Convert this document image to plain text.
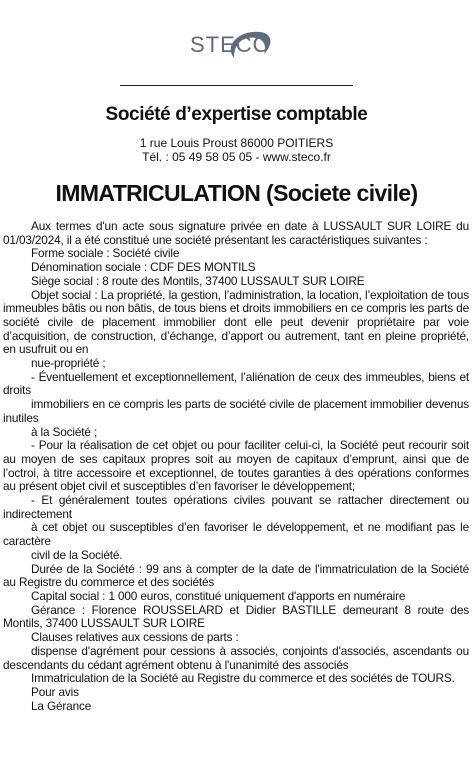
STECO
Société d’expertise comptable
1 rue Louis Proust 86000 POITIERS
Tél. : 05 49 58 05 05 - www.steco.fr
IMMATRICULATION (Societe civile)

Aux termes d'un acte sous signature privée en date à LUSSAULT SUR LOIRE du 01/03/2024, il a été constitué une société présentant les caractéristiques suivantes :

Forme sociale : Société civile

Dénomination sociale : CDF DES MONTILS

Siège social : 8 route des Montils, 37400 LUSSAULT SUR LOIRE

Objet social : La propriété, la gestion, l’administration, la location, l’exploitation de tous immeubles bâtis ou non bâtis, de tous biens et droits immobiliers en ce compris les parts de société civile de placement immobilier dont elle peut devenir propriétaire par voie d’acquisition, de construction, d’échange, d’apport ou autrement, tant en pleine propriété, en usufruit ou en

nue-propriété ;

- Éventuellement et exceptionnellement, l’aliénation de ceux des immeubles, biens et droits

immobiliers en ce compris les parts de société civile de placement immobilier devenus inutiles

à la Société ;

- Pour la réalisation de cet objet ou pour faciliter celui-ci, la Société peut recourir soit au moyen de ses capitaux propres soit au moyen de capitaux d’emprunt, ainsi que de l’octroi, à titre accessoire et exceptionnel, de toutes garanties à des opérations conformes au présent objet civil et susceptibles d’en favoriser le développement;

- Et généralement toutes opérations civiles pouvant se rattacher directement ou indirectement

à cet objet ou susceptibles d’en favoriser le développement, et ne modifiant pas le caractère

civil de la Société.

Durée de la Société : 99 ans à compter de la date de l'immatriculation de la Société au Registre du commerce et des sociétés

Capital social : 1 000 euros, constitué uniquement d'apports en numéraire

Gérance : Florence ROUSSELARD et Didier BASTILLE demeurant 8 route des Montils, 37400 LUSSAULT SUR LOIRE

Clauses relatives aux cessions de parts :

dispense d'agrément pour cessions à associés, conjoints d'associés, ascendants ou descendants du cédant agrément obtenu à l'unanimité des associés

Immatriculation de la Société au Registre du commerce et des sociétés de TOURS.

Pour avis

La Gérance
